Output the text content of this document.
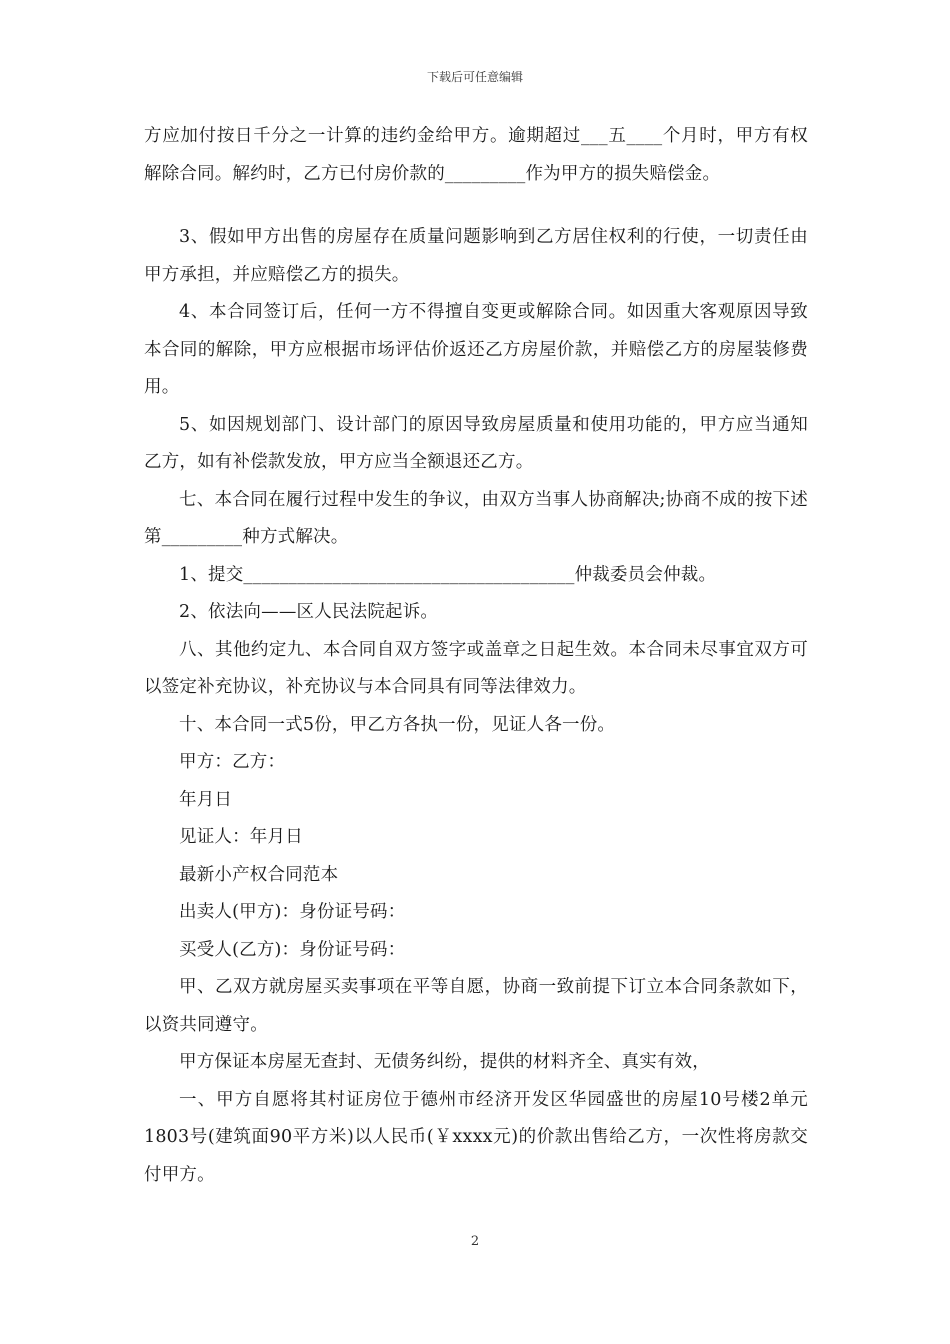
下载后可任意编辑

方应加付按日千分之一计算的违约金给甲方。逾期超过___五____个月时，甲方有权解除合同。解约时，乙方已付房价款的_________作为甲方的损失赔偿金。

3、假如甲方出售的房屋存在质量问题影响到乙方居住权利的行使，一切责任由甲方承担，并应赔偿乙方的损失。

4、本合同签订后，任何一方不得擅自变更或解除合同。如因重大客观原因导致本合同的解除，甲方应根据市场评估价返还乙方房屋价款，并赔偿乙方的房屋装修费用。

5、如因规划部门、设计部门的原因导致房屋质量和使用功能的，甲方应当通知乙方，如有补偿款发放，甲方应当全额退还乙方。

七、本合同在履行过程中发生的争议，由双方当事人协商解决;协商不成的按下述第_________种方式解决。

1、提交_____________________________________仲裁委员会仲裁。

2、依法向——区人民法院起诉。

八、其他约定九、本合同自双方签字或盖章之日起生效。本合同未尽事宜双方可以签定补充协议，补充协议与本合同具有同等法律效力。

十、本合同一式5份，甲乙方各执一份，见证人各一份。

甲方：乙方：

年月日

见证人：年月日

最新小产权合同范本

出卖人(甲方)：身份证号码：

买受人(乙方)：身份证号码：

甲、乙双方就房屋买卖事项在平等自愿，协商一致前提下订立本合同条款如下，以资共同遵守。

甲方保证本房屋无查封、无债务纠纷，提供的材料齐全、真实有效，

一、甲方自愿将其村证房位于德州市经济开发区华园盛世的房屋10号楼2单元1803号(建筑面90平方米)以人民币(￥xxxx元)的价款出售给乙方，一次性将房款交付甲方。

2
